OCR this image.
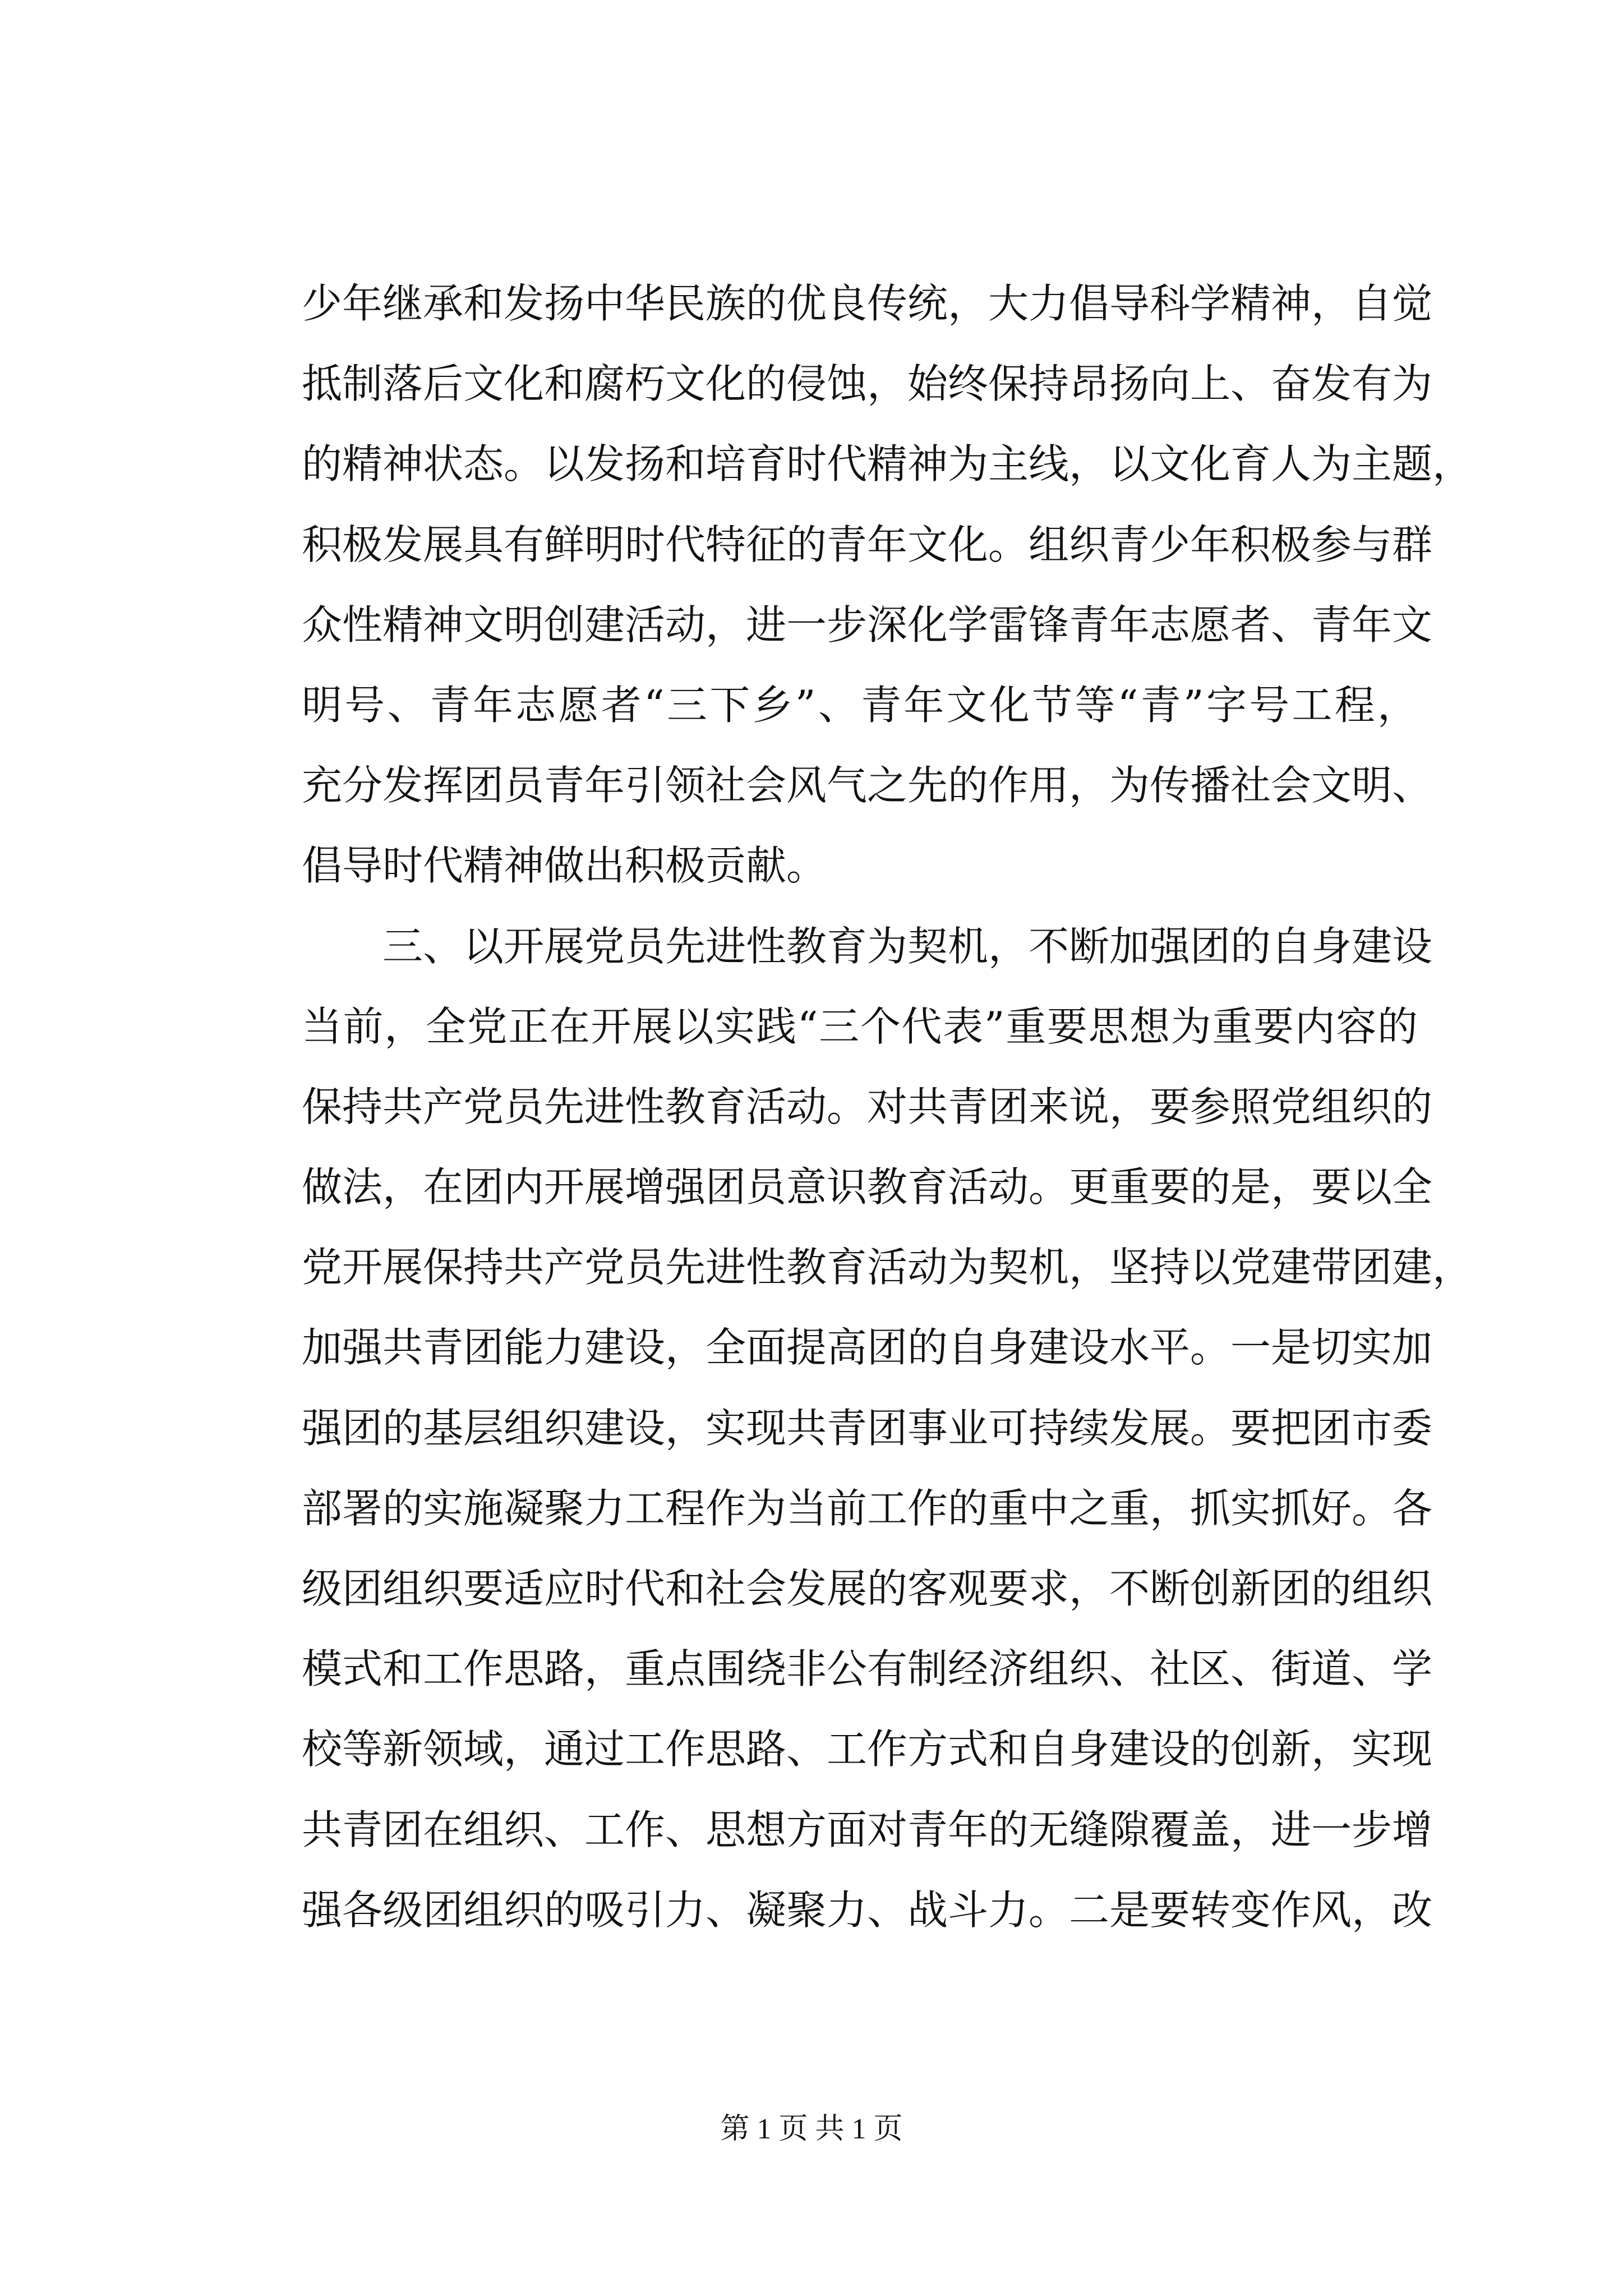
少年继承和发扬中华民族的优良传统，大力倡导科学精神，自觉
抵制落后文化和腐朽文化的侵蚀，始终保持昂扬向上、奋发有为
的精神状态。以发扬和培育时代精神为主线，以文化育人为主题，
积极发展具有鲜明时代特征的青年文化。组织青少年积极参与群
众性精神文明创建活动，进一步深化学雷锋青年志愿者、青年文
明号、青年志愿者“三下乡”、青年文化节等“青”字号工程，
充分发挥团员青年引领社会风气之先的作用，为传播社会文明、
倡导时代精神做出积极贡献。
三、以开展党员先进性教育为契机，不断加强团的自身建设
当前，全党正在开展以实践“三个代表”重要思想为重要内容的
保持共产党员先进性教育活动。对共青团来说，要参照党组织的
做法，在团内开展增强团员意识教育活动。更重要的是，要以全
党开展保持共产党员先进性教育活动为契机，坚持以党建带团建，
加强共青团能力建设，全面提高团的自身建设水平。一是切实加
强团的基层组织建设，实现共青团事业可持续发展。要把团市委
部署的实施凝聚力工程作为当前工作的重中之重，抓实抓好。各
级团组织要适应时代和社会发展的客观要求，不断创新团的组织
模式和工作思路，重点围绕非公有制经济组织、社区、街道、学
校等新领域，通过工作思路、工作方式和自身建设的创新，实现
共青团在组织、工作、思想方面对青年的无缝隙覆盖，进一步增
强各级团组织的吸引力、凝聚力、战斗力。二是要转变作风，改
第 1 页 共 1 页
